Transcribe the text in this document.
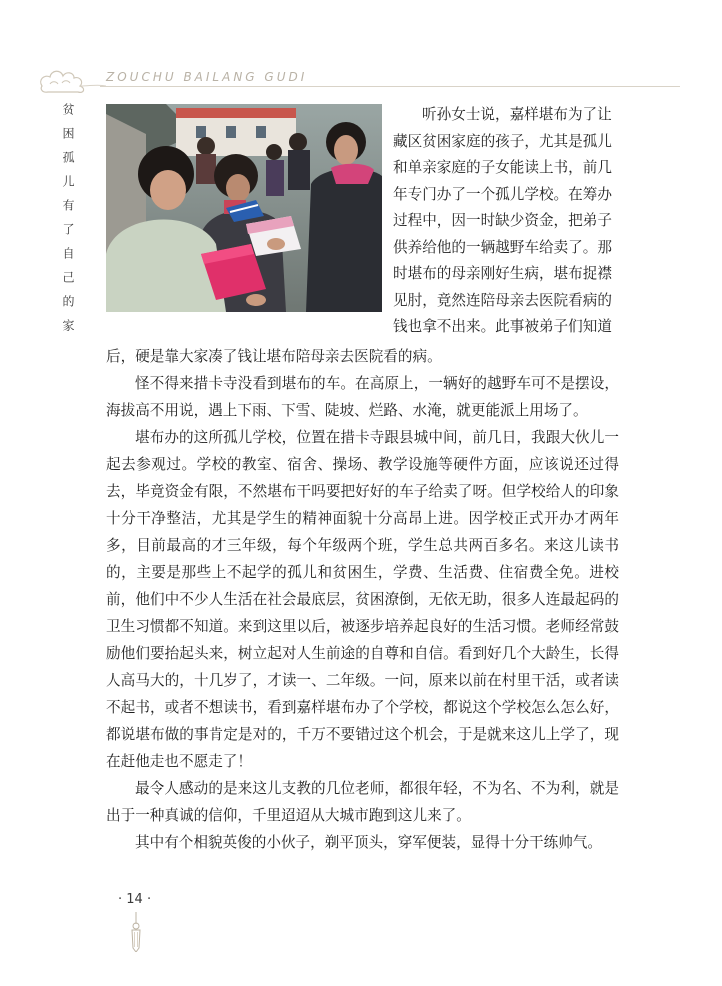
ZOUCHU BAILANG GUDI
贫困孤儿有了自己的家	听孙女士说，嘉样堪布为了让
藏区贫困家庭的孩子，尤其是孤儿
和单亲家庭的子女能读上书，前几
年专门办了一个孤儿学校。在筹办
过程中，因一时缺少资金，把弟子
供养给他的一辆越野车给卖了。那
时堪布的母亲刚好生病，堪布捉襟
见肘，竟然连陪母亲去医院看病的
钱也拿不出来。此事被弟子们知道

后，硬是靠大家凑了钱让堪布陪母亲去医院看的病。

怪不得来措卡寺没看到堪布的车。在高原上，一辆好的越野车可不是摆设，海拔高不用说，遇上下雨、下雪、陡坡、烂路、水淹，就更能派上用场了。

堪布办的这所孤儿学校，位置在措卡寺跟县城中间，前几日，我跟大伙儿一起去参观过。学校的教室、宿舍、操场、教学设施等硬件方面，应该说还过得去，毕竟资金有限，不然堪布干吗要把好好的车子给卖了呀。但学校给人的印象十分干净整洁，尤其是学生的精神面貌十分高昂上进。因学校正式开办才两年多，目前最高的才三年级，每个年级两个班，学生总共两百多名。来这儿读书的，主要是那些上不起学的孤儿和贫困生，学费、生活费、住宿费全免。进校前，他们中不少人生活在社会最底层，贫困潦倒，无依无助，很多人连最起码的卫生习惯都不知道。来到这里以后，被逐步培养起良好的生活习惯。老师经常鼓励他们要抬起头来，树立起对人生前途的自尊和自信。看到好几个大龄生，长得人高马大的，十几岁了，才读一、二年级。一问，原来以前在村里干活，或者读不起书，或者不想读书，看到嘉样堪布办了个学校，都说这个学校怎么怎么好，都说堪布做的事肯定是对的，千万不要错过这个机会，于是就来这儿上学了，现在赶他走也不愿走了！

最令人感动的是来这儿支教的几位老师，都很年轻，不为名、不为利，就是出于一种真诚的信仰，千里迢迢从大城市跑到这儿来了。

其中有个相貌英俊的小伙子，剃平顶头，穿军便装，显得十分干练帅气。

· 14 ·
